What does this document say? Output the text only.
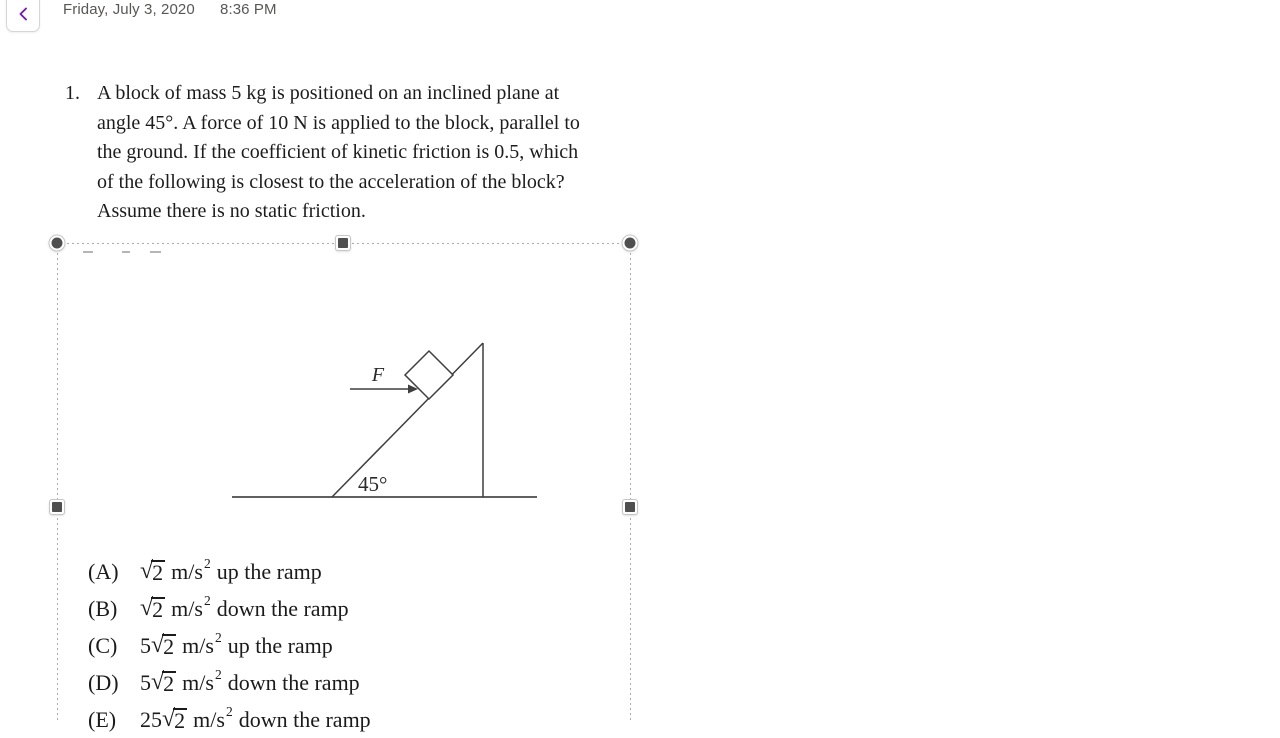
Friday, July 3, 2020 8:36 PM
1. A block of mass 5 kg is positioned on an inclined plane at
angle 45°. A force of 10 N is applied to the block, parallel to
the ground. If the coefficient of kinetic friction is 0.5, which
of the following is closest to the acceleration of the block?
Assume there is no static friction.
F
45°
(A) √ 2 m/s 2 up the ramp
(B) √ 2 m/s 2 down the ramp
(C)	5 √ 2 m/s 2 up the ramp
(D) 5 √ 2 m/s 2 down the ramp
(E)	25 √ 2 m/s 2 down the ramp
